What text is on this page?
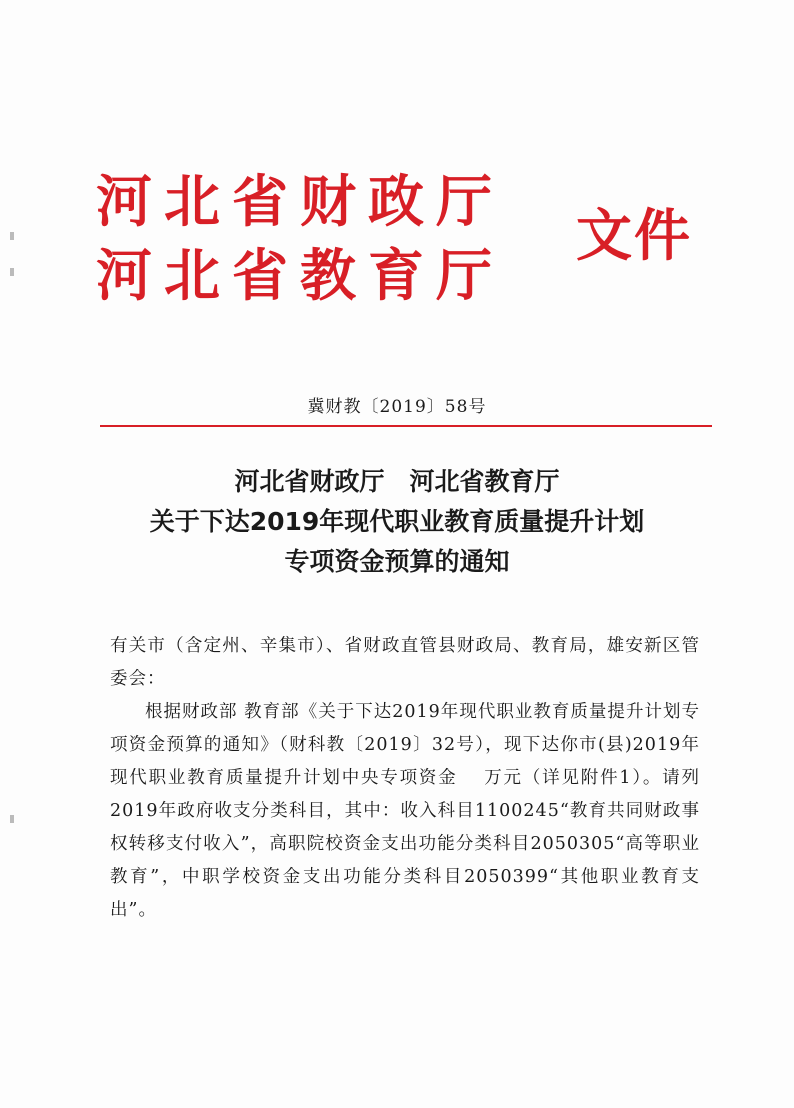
河北省财政厅
河北省教育厅
文件
冀财教〔2019〕58号
河北省财政厅　河北省教育厅
关于下达2019年现代职业教育质量提升计划
专项资金预算的通知

有关市（含定州、辛集市）、省财政直管县财政局、教育局，雄安新区管委会：

根据财政部 教育部《关于下达2019年现代职业教育质量提升计划专项资金预算的通知》（财科教〔2019〕32号），现下达你市(县)2019年现代职业教育质量提升计划中央专项资金　 万元（详见附件1）。请列2019年政府收支分类科目，其中：收入科目1100245“教育共同财政事权转移支付收入”，高职院校资金支出功能分类科目2050305“高等职业教育”，中职学校资金支出功能分类科目2050399“其他职业教育支出”。
